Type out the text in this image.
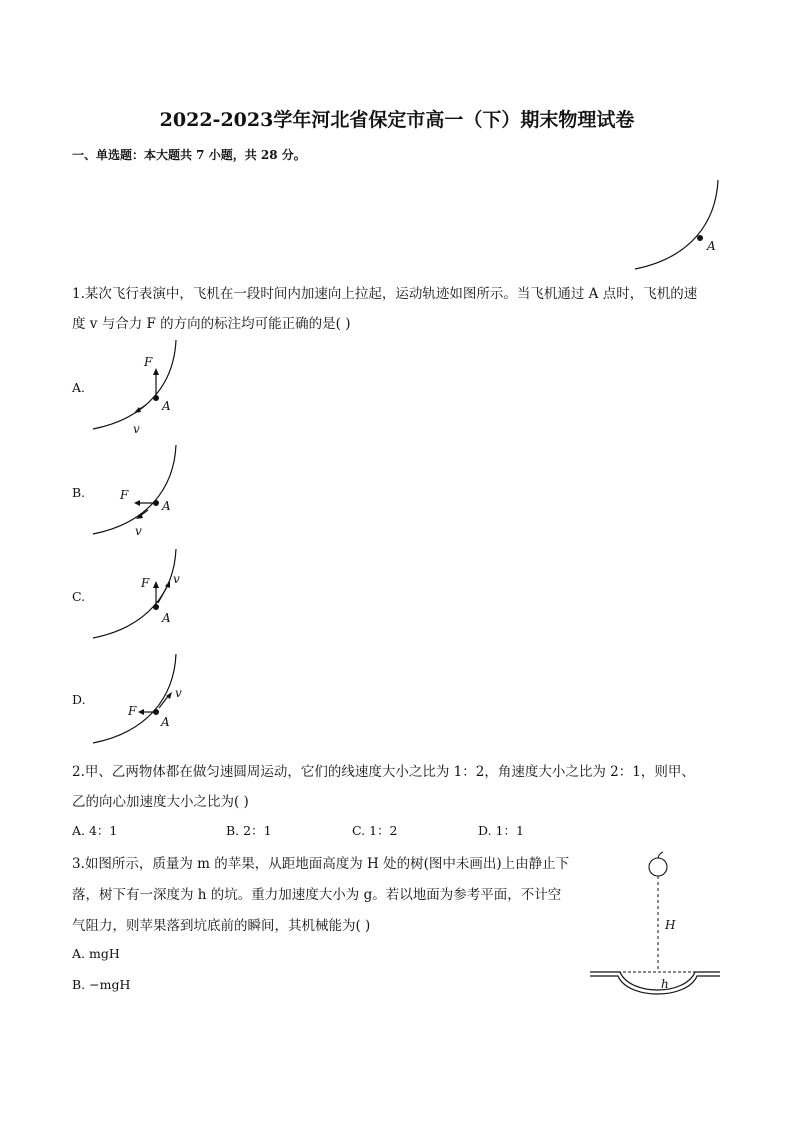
2022-2023学年河北省保定市高一（下）期末物理试卷
一、单选题：本大题共 7 小题，共 28 分。
A
1.某次飞行表演中，飞机在一段时间内加速向上拉起，运动轨迹如图所示。当飞机通过 A 点时，飞机的速
度 v 与合力 F 的方向的标注均可能正确的是( )
A.
F
v
A
B.	F
v
A
C.
F v
A
D.
F
v
A
2.甲、乙两物体都在做匀速圆周运动，它们的线速度大小之比为 1：2，角速度大小之比为 2：1，则甲、
乙的向心加速度大小之比为( )
A. 4：1	B. 2：1	C. 1：2	D. 1：1
3.如图所示，质量为 m 的苹果，从距地面高度为 H 处的树(图中未画出)上由静止下
落，树下有一深度为 h 的坑。重力加速度大小为 g。若以地面为参考平面，不计空
气阻力，则苹果落到坑底前的瞬间，其机械能为( )
A. mgH
B. −mgH
H
h
